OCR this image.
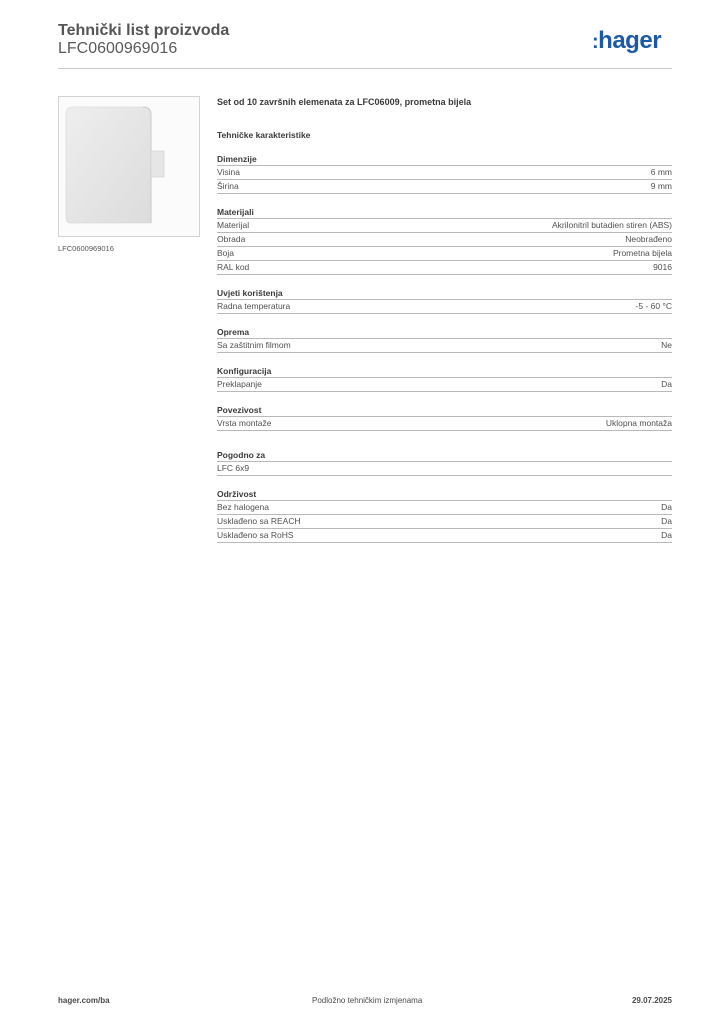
Tehnički list proizvoda
LFC0600969016	:hager
LFC0600969016
Set od 10 završnih elemenata za LFC06009, prometna bijela
Tehničke karakteristike
Dimenzije
Visina	6 mm
Širina	9 mm
Materijali
Materijal	Akrilonitril butadien stiren (ABS)
Obrada	Neobrađeno
Boja	Prometna bijela
RAL kod	9016
Uvjeti korištenja
Radna temperatura	-5 - 60 °C
Oprema
Sa zaštitnim filmom	Ne
Konfiguracija
Preklapanje	Da
Povezivost
Vrsta montaže	Uklopna montaža
Pogodno za
LFC 6x9
Održivost
Bez halogena	Da
Usklađeno sa REACH	Da
Usklađeno sa RoHS	Da
hager.com/ba	Podložno tehničkim izmjenama	29.07.2025
